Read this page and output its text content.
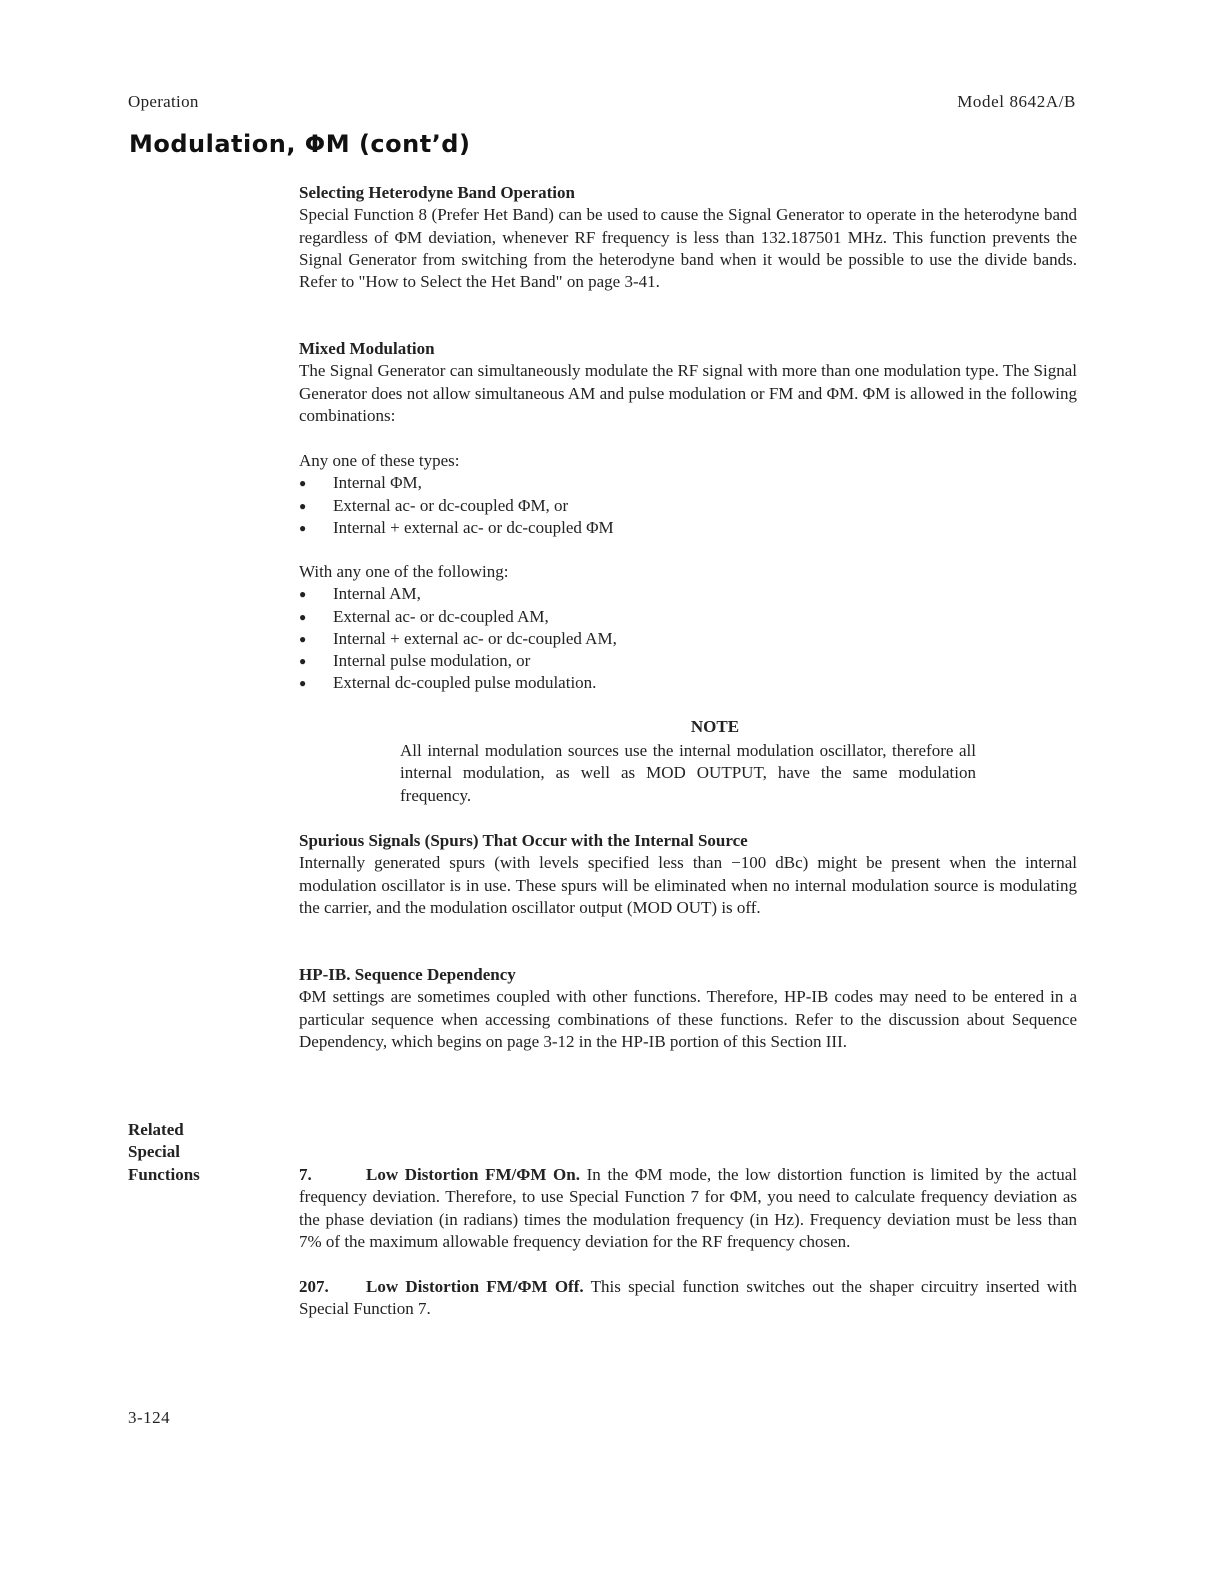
Operation	Model 8642A/B
Modulation, ΦM (cont’d)
Selecting Heterodyne Band Operation
Special Function 8 (Prefer Het Band) can be used to cause the Signal Generator to operate in the heterodyne band regardless of ΦM deviation, whenever RF frequency is less than 132.187501 MHz. This function prevents the Signal Generator from switching from the heterodyne band when it would be possible to use the divide bands. Refer to "How to Select the Het Band" on page 3-41.
Mixed Modulation
The Signal Generator can simultaneously modulate the RF signal with more than one modulation type. The Signal Generator does not allow simultaneous AM and pulse modulation or FM and ΦM. ΦM is allowed in the following combinations:
Any one of these types:
● Internal ΦM,
● External ac- or dc-coupled ΦM, or
● Internal + external ac- or dc-coupled ΦM
With any one of the following:
● Internal AM,
● External ac- or dc-coupled AM,
● Internal + external ac- or dc-coupled AM,
● Internal pulse modulation, or
● External dc-coupled pulse modulation.
NOTE
All internal modulation sources use the internal modulation oscillator, therefore all internal modulation, as well as MOD OUTPUT, have the same modulation frequency.
Spurious Signals (Spurs) That Occur with the Internal Source
Internally generated spurs (with levels specified less than −100 dBc) might be present when the internal modulation oscillator is in use. These spurs will be eliminated when no internal modulation source is modulating the carrier, and the modulation oscillator output (MOD OUT) is off.
HP-IB. Sequence Dependency
ΦM settings are sometimes coupled with other functions. Therefore, HP-IB codes may need to be entered in a particular sequence when accessing combinations of these functions. Refer to the discussion about Sequence Dependency, which begins on page 3-12 in the HP-IB portion of this Section III.
Related
Special
Functions	7.	Low Distortion FM/ΦM On. In the ΦM mode, the low distortion function is limited by the actual frequency deviation. Therefore, to use Special Function 7 for ΦM, you need to calculate frequency deviation as the phase deviation (in radians) times the modulation frequency (in Hz). Frequency deviation must be less than 7% of the maximum allowable frequency deviation for the RF frequency chosen.
207. Low Distortion FM/ΦM Off. This special function switches out the shaper circuitry inserted with Special Function 7.
3-124
